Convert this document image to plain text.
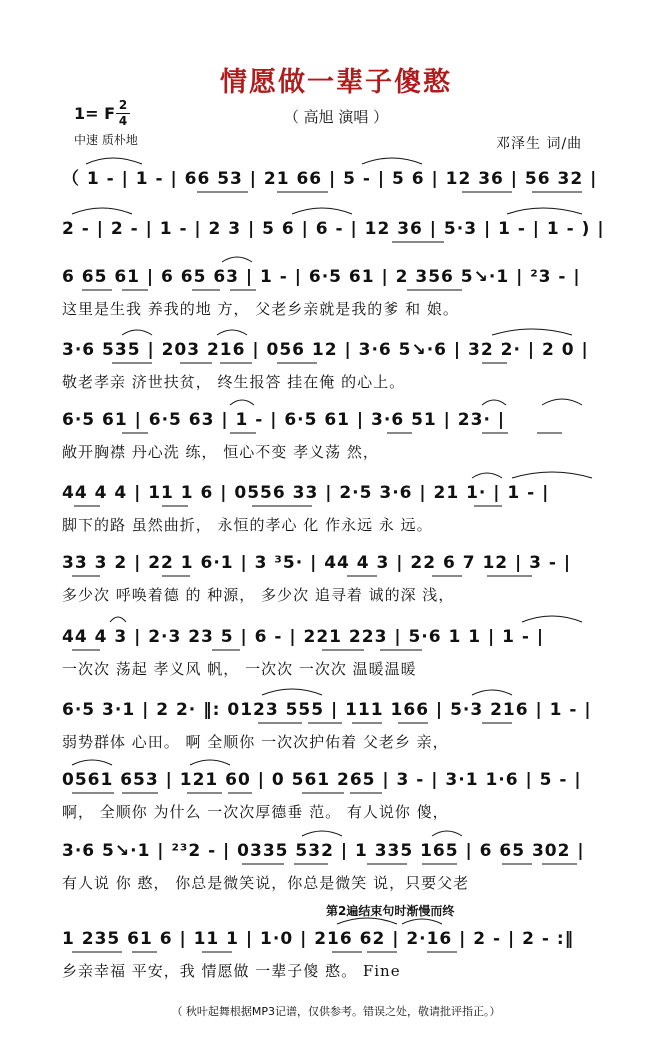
情愿做一辈子傻憨
（ 高旭 演唱 ）
1= F 2
4
中速 质朴地	邓泽生 词/曲
（ 1 - | 1 - | 66 53 | 21 66 | 5 - | 5 6 | 12 36 | 56 32 |
2 - | 2 - | 1 - | 2 3 | 5 6 | 6 - | 12 36 | 5·3 | 1 - | 1 - ) |
6 65 61 | 6 65 63 | 1 - | 6·5 61 | 2 356 5↘·1 | ²3 - |
这里是生我 养我的地 方， 父老乡亲就是我的爹 和 娘。
3·6 535 | 203 216 | 056 12 | 3·6 5↘·6 | 32 2· | 2 0 |
敬老孝亲 济世扶贫， 终生报答 挂在俺 的心上。
6·5 61 | 6·5 63 | 1 - | 6·5 61 | 3·6 51 | 23· |
敞开胸襟 丹心洗 练， 恒心不变 孝义荡 然，
44 4 4 | 11 1 6 | 0556 33 | 2·5 3·6 | 21 1· | 1 - |
脚下的路 虽然曲折， 永恒的孝心 化 作永远 永 远。
33 3 2 | 22 1 6·1 | 3 ³5· | 44 4 3 | 22 6 7 12 | 3 - |
多少次 呼唤着德 的 种源， 多少次 追寻着 诚的深 浅，
44 4 3 | 2·3 23 5 | 6 - | 221 223 | 5·6 1 1 | 1 - |
一次次 荡起 孝义风 帆， 一次次 一次次 温暖温暖
6·5 3·1 | 2 2· ‖: 0123 555 | 111 166 | 5·3 216 | 1 - |
弱势群体 心田。 啊 全顺你 一次次护佑着 父老乡 亲，
0561 653 | 121 60 | 0 561 265 | 3 - | 3·1 1·6 | 5 - |
啊， 全顺你 为什么 一次次厚德垂 范。 有人说你 傻，
3·6 5↘·1 | ²³2 - | 0335 532 | 1 335 165 | 6 65 302 |
有人说 你 憨， 你总是微笑说，你总是微笑 说，只要父老
第2遍结束句时渐慢而终
1 235 61 6 | 11 1 | 1·0 | 216 62 | 2·16 | 2 - | 2 - :‖
乡亲幸福 平安，我 情愿做 一辈子傻 憨。 Fine
（ 秋叶起舞根据MP3记谱，仅供参考。错误之处，敬请批评指正。）
